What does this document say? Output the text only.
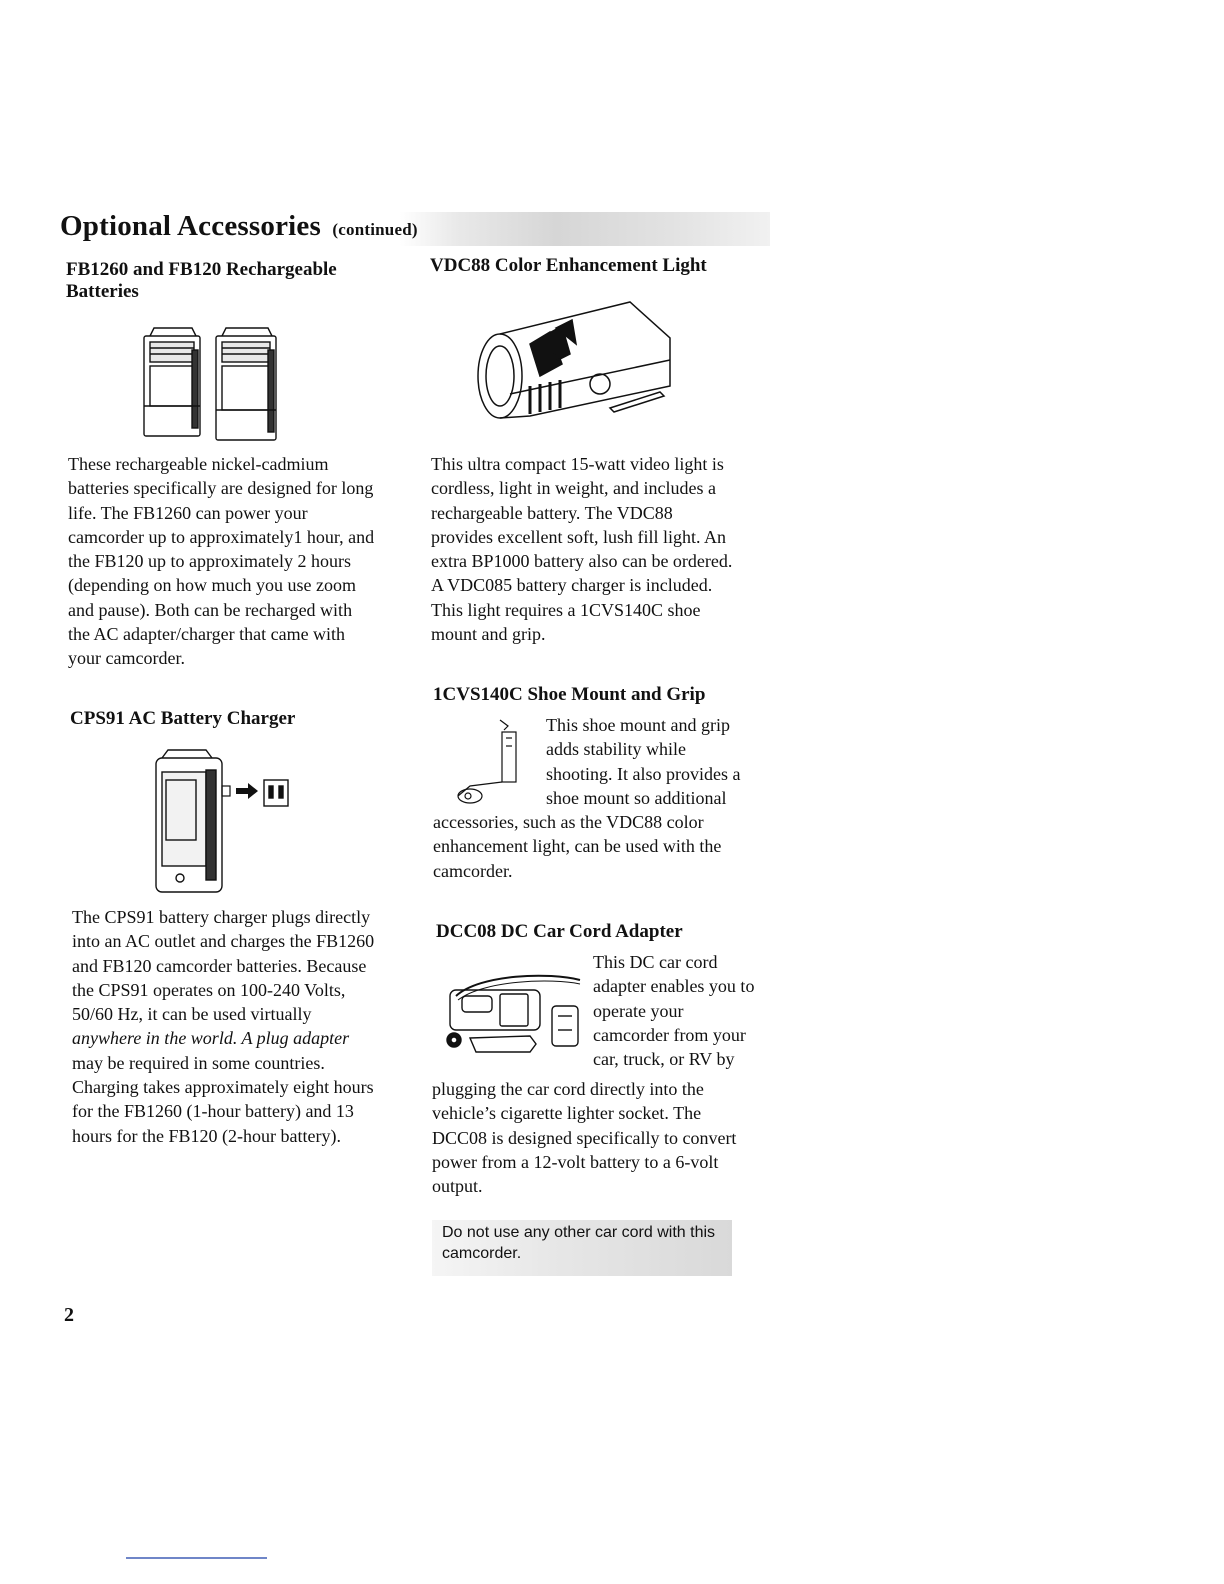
Optional Accessories (continued)
FB1260 and FB120 Rechargeable
Batteries
These rechargeable nickel-cadmium
batteries specifically are designed for long
life. The FB1260 can power your
camcorder up to approximately1 hour, and
the FB120 up to approximately 2 hours
(depending on how much you use zoom
and pause). Both can be recharged with
the AC adapter/charger that came with
your camcorder.
CPS91 AC Battery Charger
The CPS91 battery charger plugs directly
into an AC outlet and charges the FB1260
and FB120 camcorder batteries. Because
the CPS91 operates on 100-240 Volts,
50/60 Hz, it can be used virtually
anywhere in the world. A plug adapter
may be required in some countries.
Charging takes approximately eight hours
for the FB1260 (1-hour battery) and 13
hours for the FB120 (2-hour battery).
VDC88 Color Enhancement Light
This ultra compact 15-watt video light is
cordless, light in weight, and includes a
rechargeable battery. The VDC88
provides excellent soft, lush fill light. An
extra BP1000 battery also can be ordered.
A VDC085 battery charger is included.
This light requires a 1CVS140C shoe
mount and grip.
1CVS140C Shoe Mount and Grip
This shoe mount and grip
adds stability while
shooting. It also provides a
shoe mount so additional
accessories, such as the VDC88 color
enhancement light, can be used with the
camcorder.
DCC08 DC Car Cord Adapter
This DC car cord
adapter enables you to
operate your
camcorder from your
car, truck, or RV by
plugging the car cord directly into the
vehicle’s cigarette lighter socket. The
DCC08 is designed specifically to convert
power from a 12-volt battery to a 6-volt
output.
Do not use any other car cord with this
camcorder.
2
